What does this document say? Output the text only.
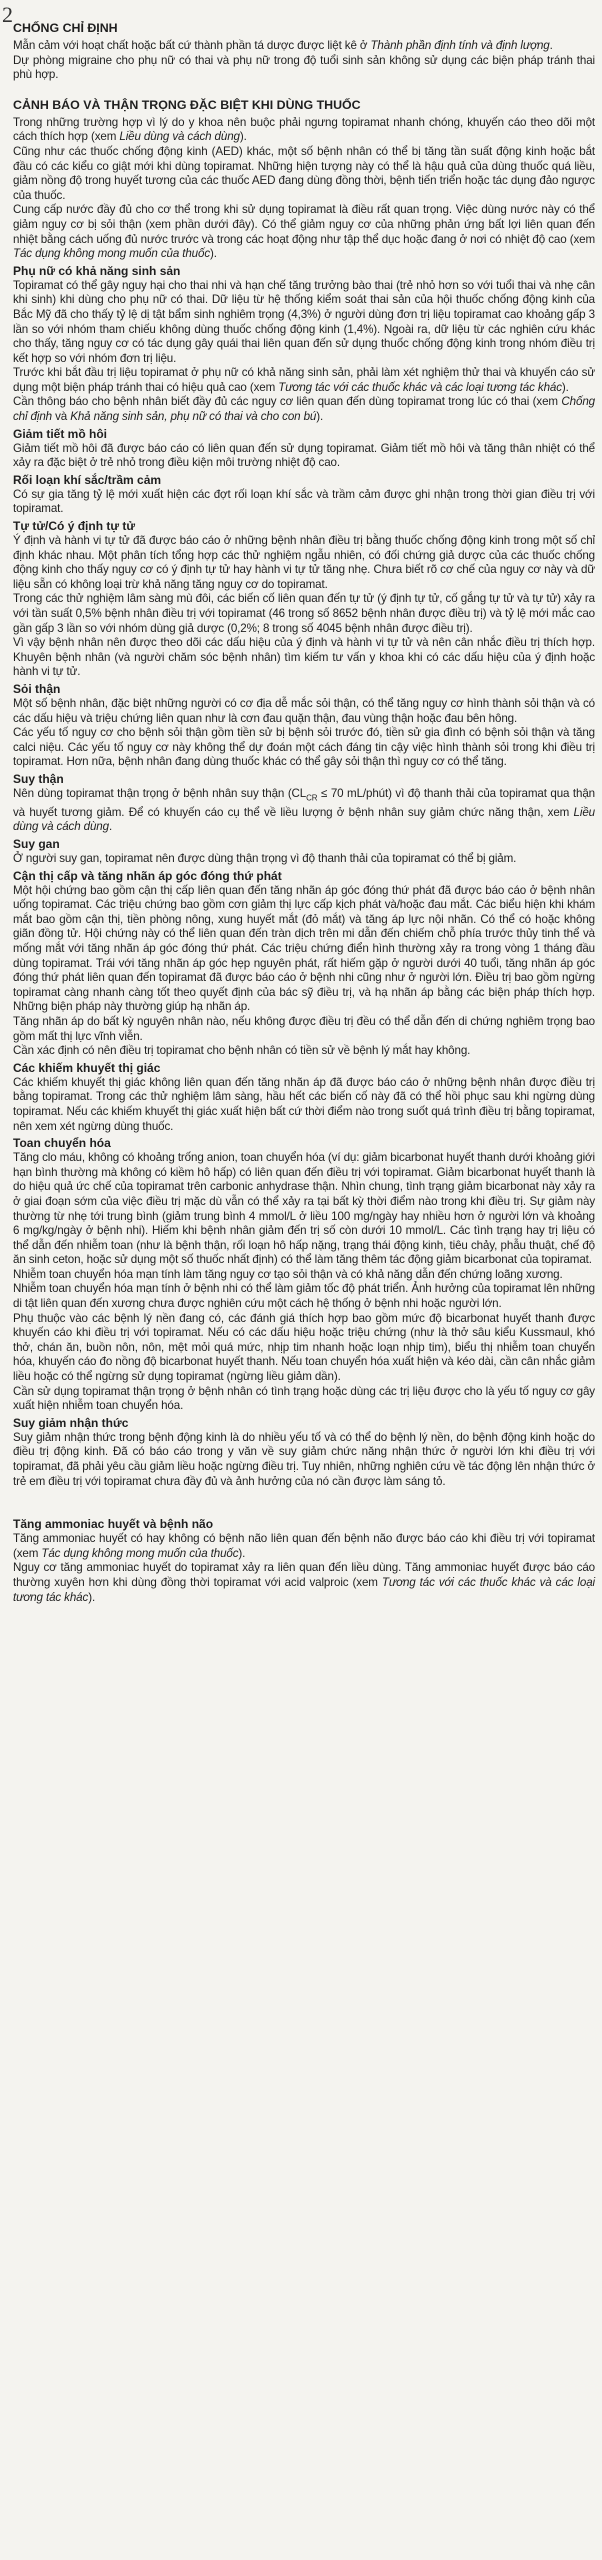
2
CHỐNG CHỈ ĐỊNH

Mẫn cảm với hoạt chất hoặc bất cứ thành phần tá dược được liệt kê ở Thành phần định tính và định lượng.

Dự phòng migraine cho phụ nữ có thai và phụ nữ trong độ tuổi sinh sản không sử dụng các biện pháp tránh thai phù hợp.

CẢNH BÁO VÀ THẬN TRỌNG ĐẶC BIỆT KHI DÙNG THUỐC

Trong những trường hợp vì lý do y khoa nên buộc phải ngưng topiramat nhanh chóng, khuyến cáo theo dõi một cách thích hợp (xem Liều dùng và cách dùng).

Cũng như các thuốc chống động kinh (AED) khác, một số bệnh nhân có thể bị tăng tần suất động kinh hoặc bắt đầu có các kiểu co giật mới khi dùng topiramat. Những hiện tượng này có thể là hậu quả của dùng thuốc quá liều, giảm nồng độ trong huyết tương của các thuốc AED đang dùng đồng thời, bệnh tiến triển hoặc tác dụng đảo ngược của thuốc.

Cung cấp nước đầy đủ cho cơ thể trong khi sử dụng topiramat là điều rất quan trọng. Việc dùng nước này có thể giảm nguy cơ bị sỏi thận (xem phần dưới đây). Có thể giảm nguy cơ của những phản ứng bất lợi liên quan đến nhiệt bằng cách uống đủ nước trước và trong các hoạt động như tập thể dục hoặc đang ở nơi có nhiệt độ cao (xem Tác dụng không mong muốn của thuốc).

Phụ nữ có khả năng sinh sản

Topiramat có thể gây nguy hại cho thai nhi và hạn chế tăng trưởng bào thai (trẻ nhỏ hơn so với tuổi thai và nhẹ cân khi sinh) khi dùng cho phụ nữ có thai. Dữ liệu từ hệ thống kiểm soát thai sản của hội thuốc chống động kinh của Bắc Mỹ đã cho thấy tỷ lệ dị tật bẩm sinh nghiêm trọng (4,3%) ở người dùng đơn trị liệu topiramat cao khoảng gấp 3 lần so với nhóm tham chiếu không dùng thuốc chống động kinh (1,4%). Ngoài ra, dữ liệu từ các nghiên cứu khác cho thấy, tăng nguy cơ có tác dụng gây quái thai liên quan đến sử dụng thuốc chống động kinh trong nhóm điều trị kết hợp so với nhóm đơn trị liệu.

Trước khi bắt đầu trị liệu topiramat ở phụ nữ có khả năng sinh sản, phải làm xét nghiệm thử thai và khuyến cáo sử dụng một biện pháp tránh thai có hiệu quả cao (xem Tương tác với các thuốc khác và các loại tương tác khác).

Cần thông báo cho bệnh nhân biết đầy đủ các nguy cơ liên quan đến dùng topiramat trong lúc có thai (xem Chống chỉ định và Khả năng sinh sản, phụ nữ có thai và cho con bú).

Giảm tiết mồ hôi

Giảm tiết mồ hôi đã được báo cáo có liên quan đến sử dụng topiramat. Giảm tiết mồ hôi và tăng thân nhiệt có thể xảy ra đặc biệt ở trẻ nhỏ trong điều kiện môi trường nhiệt độ cao.

Rối loạn khí sắc/trầm cảm

Có sự gia tăng tỷ lệ mới xuất hiện các đợt rối loạn khí sắc và trầm cảm được ghi nhận trong thời gian điều trị với topiramat.

Tự tử/Có ý định tự tử

Ý định và hành vi tự tử đã được báo cáo ở những bệnh nhân điều trị bằng thuốc chống động kinh trong một số chỉ định khác nhau. Một phân tích tổng hợp các thử nghiệm ngẫu nhiên, có đối chứng giả dược của các thuốc chống động kinh cho thấy nguy cơ có ý định tự tử hay hành vi tự tử tăng nhẹ. Chưa biết rõ cơ chế của nguy cơ này và dữ liệu sẵn có không loại trừ khả năng tăng nguy cơ do topiramat.

Trong các thử nghiệm lâm sàng mù đôi, các biến cố liên quan đến tự tử (ý định tự tử, cố gắng tự tử và tự tử) xảy ra với tần suất 0,5% bệnh nhân điều trị với topiramat (46 trong số 8652 bệnh nhân được điều trị) và tỷ lệ mới mắc cao gần gấp 3 lần so với nhóm dùng giả dược (0,2%; 8 trong số 4045 bệnh nhân được điều trị).

Vì vậy bệnh nhân nên được theo dõi các dấu hiệu của ý định và hành vi tự tử và nên cân nhắc điều trị thích hợp. Khuyên bệnh nhân (và người chăm sóc bệnh nhân) tìm kiếm tư vấn y khoa khi có các dấu hiệu của ý định hoặc hành vi tự tử.

Sỏi thận

Một số bệnh nhân, đặc biệt những người có cơ địa dễ mắc sỏi thận, có thể tăng nguy cơ hình thành sỏi thận và có các dấu hiệu và triệu chứng liên quan như là cơn đau quặn thận, đau vùng thận hoặc đau bên hông.

Các yếu tố nguy cơ cho bệnh sỏi thận gồm tiền sử bị bệnh sỏi trước đó, tiền sử gia đình có bệnh sỏi thận và tăng calci niệu. Các yếu tố nguy cơ này không thể dự đoán một cách đáng tin cậy việc hình thành sỏi trong khi điều trị topiramat. Hơn nữa, bệnh nhân đang dùng thuốc khác có thể gây sỏi thận thì nguy cơ có thể tăng.

Suy thận

Nên dùng topiramat thận trọng ở bệnh nhân suy thận ($CL_{CR} \le 70$ mL/phút) vì độ thanh thải của topiramat qua thận và huyết tương giảm. Để có khuyến cáo cụ thể về liều lượng ở bệnh nhân suy giảm chức năng thận, xem Liều dùng và cách dùng.

Suy gan

Ở người suy gan, topiramat nên được dùng thận trọng vì độ thanh thải của topiramat có thể bị giảm.

Cận thị cấp và tăng nhãn áp góc đóng thứ phát

Một hội chứng bao gồm cận thị cấp liên quan đến tăng nhãn áp góc đóng thứ phát đã được báo cáo ở bệnh nhân uống topiramat. Các triệu chứng bao gồm cơn giảm thị lực cấp kịch phát và/hoặc đau mắt. Các biểu hiện khi khám mắt bao gồm cận thị, tiền phòng nông, xung huyết mắt (đỏ mắt) và tăng áp lực nội nhãn. Có thể có hoặc không giãn đồng tử. Hội chứng này có thể liên quan đến tràn dịch trên mi dẫn đến chiếm chỗ phía trước thủy tinh thể và mống mắt với tăng nhãn áp góc đóng thứ phát. Các triệu chứng điển hình thường xảy ra trong vòng 1 tháng đầu dùng topiramat. Trái với tăng nhãn áp góc hẹp nguyên phát, rất hiếm gặp ở người dưới 40 tuổi, tăng nhãn áp góc đóng thứ phát liên quan đến topiramat đã được báo cáo ở bệnh nhi cũng như ở người lớn. Điều trị bao gồm ngừng topiramat càng nhanh càng tốt theo quyết định của bác sỹ điều trị, và hạ nhãn áp bằng các biện pháp thích hợp. Những biện pháp này thường giúp hạ nhãn áp.

Tăng nhãn áp do bất kỳ nguyên nhân nào, nếu không được điều trị đều có thể dẫn đến di chứng nghiêm trọng bao gồm mất thị lực vĩnh viễn.

Cần xác định có nên điều trị topiramat cho bệnh nhân có tiền sử về bệnh lý mắt hay không.

Các khiếm khuyết thị giác

Các khiếm khuyết thị giác không liên quan đến tăng nhãn áp đã được báo cáo ở những bệnh nhân được điều trị bằng topiramat. Trong các thử nghiệm lâm sàng, hầu hết các biến cố này đã có thể hồi phục sau khi ngừng dùng topiramat. Nếu các khiếm khuyết thị giác xuất hiện bất cứ thời điểm nào trong suốt quá trình điều trị bằng topiramat, nên xem xét ngừng dùng thuốc.

Toan chuyển hóa

Tăng clo máu, không có khoảng trống anion, toan chuyển hóa (ví dụ: giảm bicarbonat huyết thanh dưới khoảng giới hạn bình thường mà không có kiềm hô hấp) có liên quan đến điều trị với topiramat. Giảm bicarbonat huyết thanh là do hiệu quả ức chế của topiramat trên carbonic anhydrase thận. Nhìn chung, tình trạng giảm bicarbonat này xảy ra ở giai đoạn sớm của việc điều trị mặc dù vẫn có thể xảy ra tại bất kỳ thời điểm nào trong khi điều trị. Sự giảm này thường từ nhẹ tới trung bình (giảm trung bình 4 mmol/L ở liều 100 mg/ngày hay nhiều hơn ở người lớn và khoảng 6 mg/kg/ngày ở bệnh nhi). Hiếm khi bệnh nhân giảm đến trị số còn dưới 10 mmol/L. Các tình trạng hay trị liệu có thể dẫn đến nhiễm toan (như là bệnh thận, rối loạn hô hấp nặng, trạng thái động kinh, tiêu chảy, phẫu thuật, chế độ ăn sinh ceton, hoặc sử dụng một số thuốc nhất định) có thể làm tăng thêm tác động giảm bicarbonat của topiramat.

Nhiễm toan chuyển hóa mạn tính làm tăng nguy cơ tạo sỏi thận và có khả năng dẫn đến chứng loãng xương.

Nhiễm toan chuyển hóa mạn tính ở bệnh nhi có thể làm giảm tốc độ phát triển. Ảnh hưởng của topiramat lên những di tật liên quan đến xương chưa được nghiên cứu một cách hệ thống ở bệnh nhi hoặc người lớn.

Phụ thuộc vào các bệnh lý nền đang có, các đánh giá thích hợp bao gồm mức độ bicarbonat huyết thanh được khuyến cáo khi điều trị với topiramat. Nếu có các dấu hiệu hoặc triệu chứng (như là thở sâu kiểu Kussmaul, khó thở, chán ăn, buồn nôn, nôn, mệt mỏi quá mức, nhịp tim nhanh hoặc loạn nhịp tim), biểu thị nhiễm toan chuyển hóa, khuyến cáo đo nồng độ bicarbonat huyết thanh. Nếu toan chuyển hóa xuất hiện và kéo dài, cần cân nhắc giảm liều hoặc có thể ngừng sử dụng topiramat (ngừng liều giảm dần).

Cần sử dụng topiramat thận trọng ở bệnh nhân có tình trạng hoặc dùng các trị liệu được cho là yếu tố nguy cơ gây xuất hiện nhiễm toan chuyển hóa.

Suy giảm nhận thức

Suy giảm nhận thức trong bệnh động kinh là do nhiều yếu tố và có thể do bệnh lý nền, do bệnh động kinh hoặc do điều trị động kinh. Đã có báo cáo trong y văn về suy giảm chức năng nhận thức ở người lớn khi điều trị với topiramat, đã phải yêu cầu giảm liều hoặc ngừng điều trị. Tuy nhiên, những nghiên cứu về tác động lên nhận thức ở trẻ em điều trị với topiramat chưa đầy đủ và ảnh hưởng của nó cần được làm sáng tỏ.

Tăng ammoniac huyết và bệnh não

Tăng ammoniac huyết có hay không có bệnh não liên quan đến bệnh não được báo cáo khi điều trị với topiramat (xem Tác dụng không mong muốn của thuốc).

Nguy cơ tăng ammoniac huyết do topiramat xảy ra liên quan đến liều dùng. Tăng ammoniac huyết được báo cáo thường xuyên hơn khi dùng đồng thời topiramat với acid valproic (xem Tương tác với các thuốc khác và các loại tương tác khác).
